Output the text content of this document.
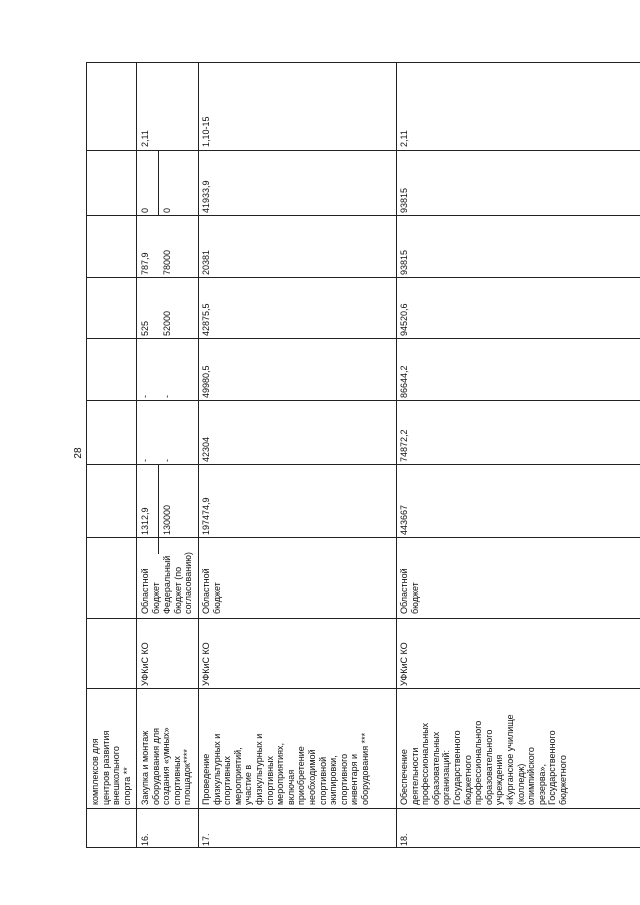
28
комплексов для
центров развития
внешкольного
спорта **
16.
Закупка и монтаж
оборудования для
создания «умных»
спортивных
площадок****
УФКиС КО
Областной
бюджет Федеральный
бюджет (по
согласованию)
1312,9 130000
- -
- -
525 52000
787,9 78000
0 0
2,11
17.
Проведение
физкультурных и
спортивных
мероприятий,
участие в
физкультурных и
спортивных
мероприятиях,
включая
приобретение
необходимой
спортивной
экипировки,
спортивного
инвентаря и
оборудования ***
УФКиС КО
Областной
бюджет
197474,9
42304
49980,5
42875,5
20381
41933,9
1,10-15
18.
Обеспечение
деятельности
профессиональных
образовательных
организаций:
Государственного
бюджетного
профессионального
образовательного
учреждения
«Курганское училище
(колледж)
олимпийского
резерва»,
Государственного
бюджетного
УФКиС КО
Областной
бюджет
443667
74872,2
86644,2
94520,6
93815
93815
2,11
